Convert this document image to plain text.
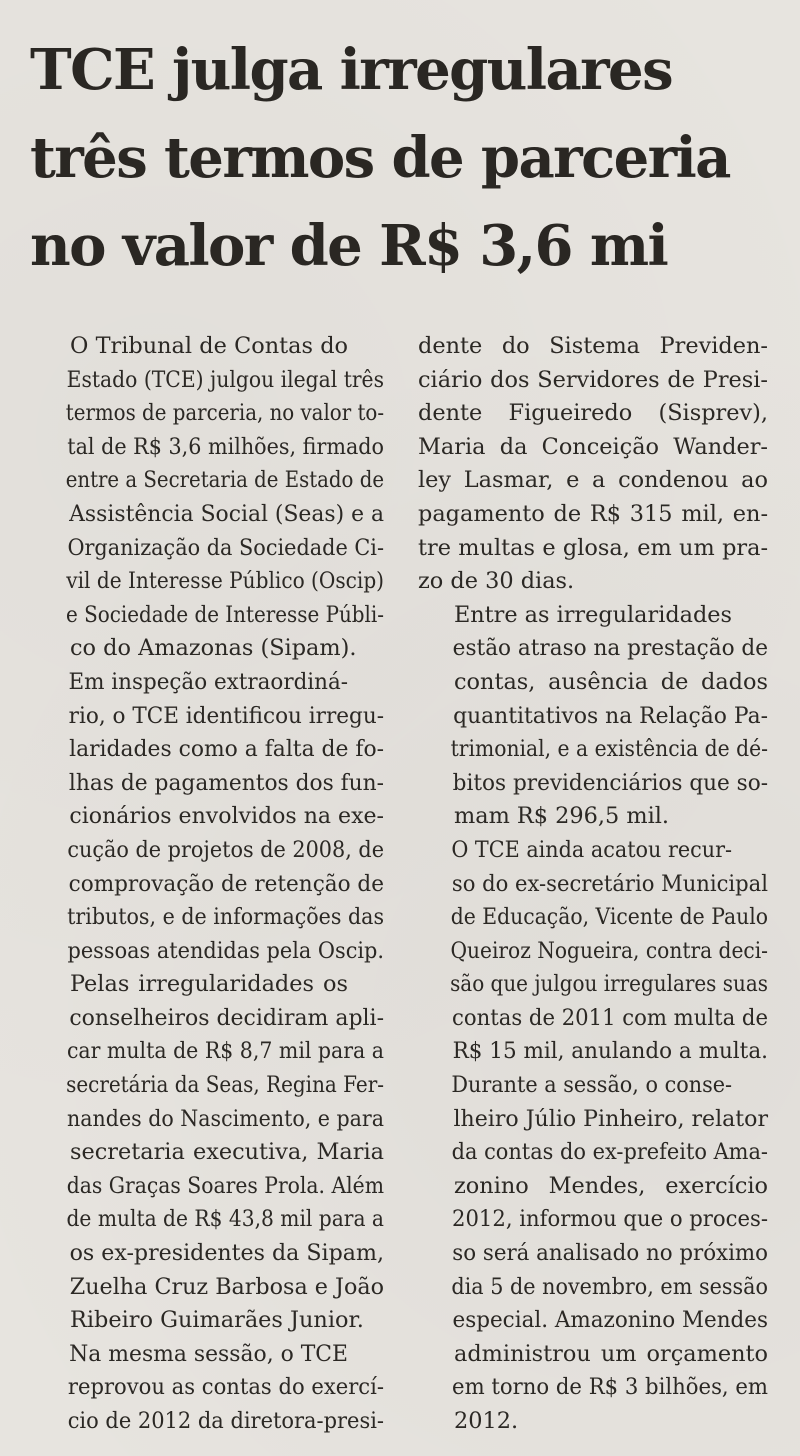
TCE julga irregulares
três termos de parceria
no valor de R$ 3,6 mi

O Tribunal de Contas do
Estado (TCE) julgou ilegal três
termos de parceria, no valor to-
tal de R$ 3,6 milhões, firmado
entre a Secretaria de Estado de
Assistência Social (Seas) e a
Organização da Sociedade Ci-
vil de Interesse Público (Oscip)
e Sociedade de Interesse Públi-
co do Amazonas (Sipam).

Em inspeção extraordiná-
rio, o TCE identificou irregu-
laridades como a falta de fo-
lhas de pagamentos dos fun-
cionários envolvidos na exe-
cução de projetos de 2008, de
comprovação de retenção de
tributos, e de informações das
pessoas atendidas pela Oscip.

Pelas irregularidades os
conselheiros decidiram apli-
car multa de R$ 8,7 mil para a
secretária da Seas, Regina Fer-
nandes do Nascimento, e para
secretaria executiva, Maria
das Graças Soares Prola. Além
de multa de R$ 43,8 mil para a
os ex-presidentes da Sipam,
Zuelha Cruz Barbosa e João
Ribeiro Guimarães Junior.

Na mesma sessão, o TCE
reprovou as contas do exercí-
cio de 2012 da diretora-presi-

dente do Sistema Previden-
ciário dos Servidores de Presi-
dente Figueiredo (Sisprev),
Maria da Conceição Wander-
ley Lasmar, e a condenou ao
pagamento de R$ 315 mil, en-
tre multas e glosa, em um pra-
zo de 30 dias.

Entre as irregularidades
estão atraso na prestação de
contas, ausência de dados
quantitativos na Relação Pa-
trimonial, e a existência de dé-
bitos previdenciários que so-
mam R$ 296,5 mil.

O TCE ainda acatou recur-
so do ex-secretário Municipal
de Educação, Vicente de Paulo
Queiroz Nogueira, contra deci-
são que julgou irregulares suas
contas de 2011 com multa de
R$ 15 mil, anulando a multa.

Durante a sessão, o conse-
lheiro Júlio Pinheiro, relator
da contas do ex-prefeito Ama-
zonino Mendes, exercício
2012, informou que o proces-
so será analisado no próximo
dia 5 de novembro, em sessão
especial. Amazonino Mendes
administrou um orçamento
em torno de R$ 3 bilhões, em
2012.
